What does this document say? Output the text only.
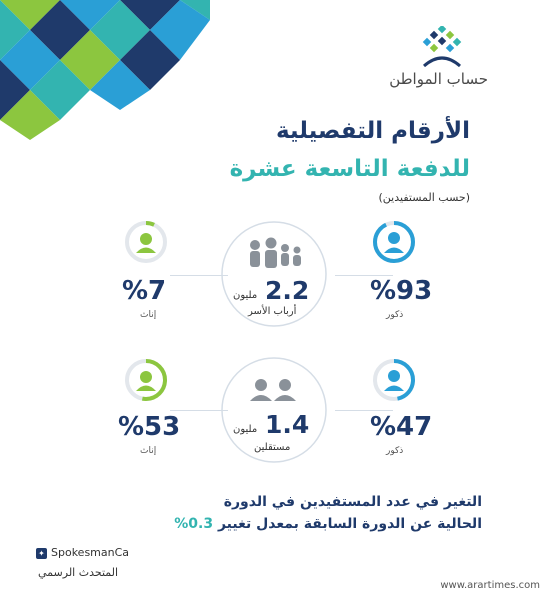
حساب المواطن
الأرقام التفصيلية
للدفعة التاسعة عشرة
(حسب المستفيدين)
%7
إناث
2.2
مليون
أرباب الأسر
%93
ذكور
%53
إناث
1.4
مليون
مستقلين
%47
ذكور
التغير في عدد المستفيدين في الدورة
الحالية عن الدورة السابقة بمعدل تغيير 0.3%
✦ SpokesmanCa
المتحدث الرسمي
www.arartimes.com
